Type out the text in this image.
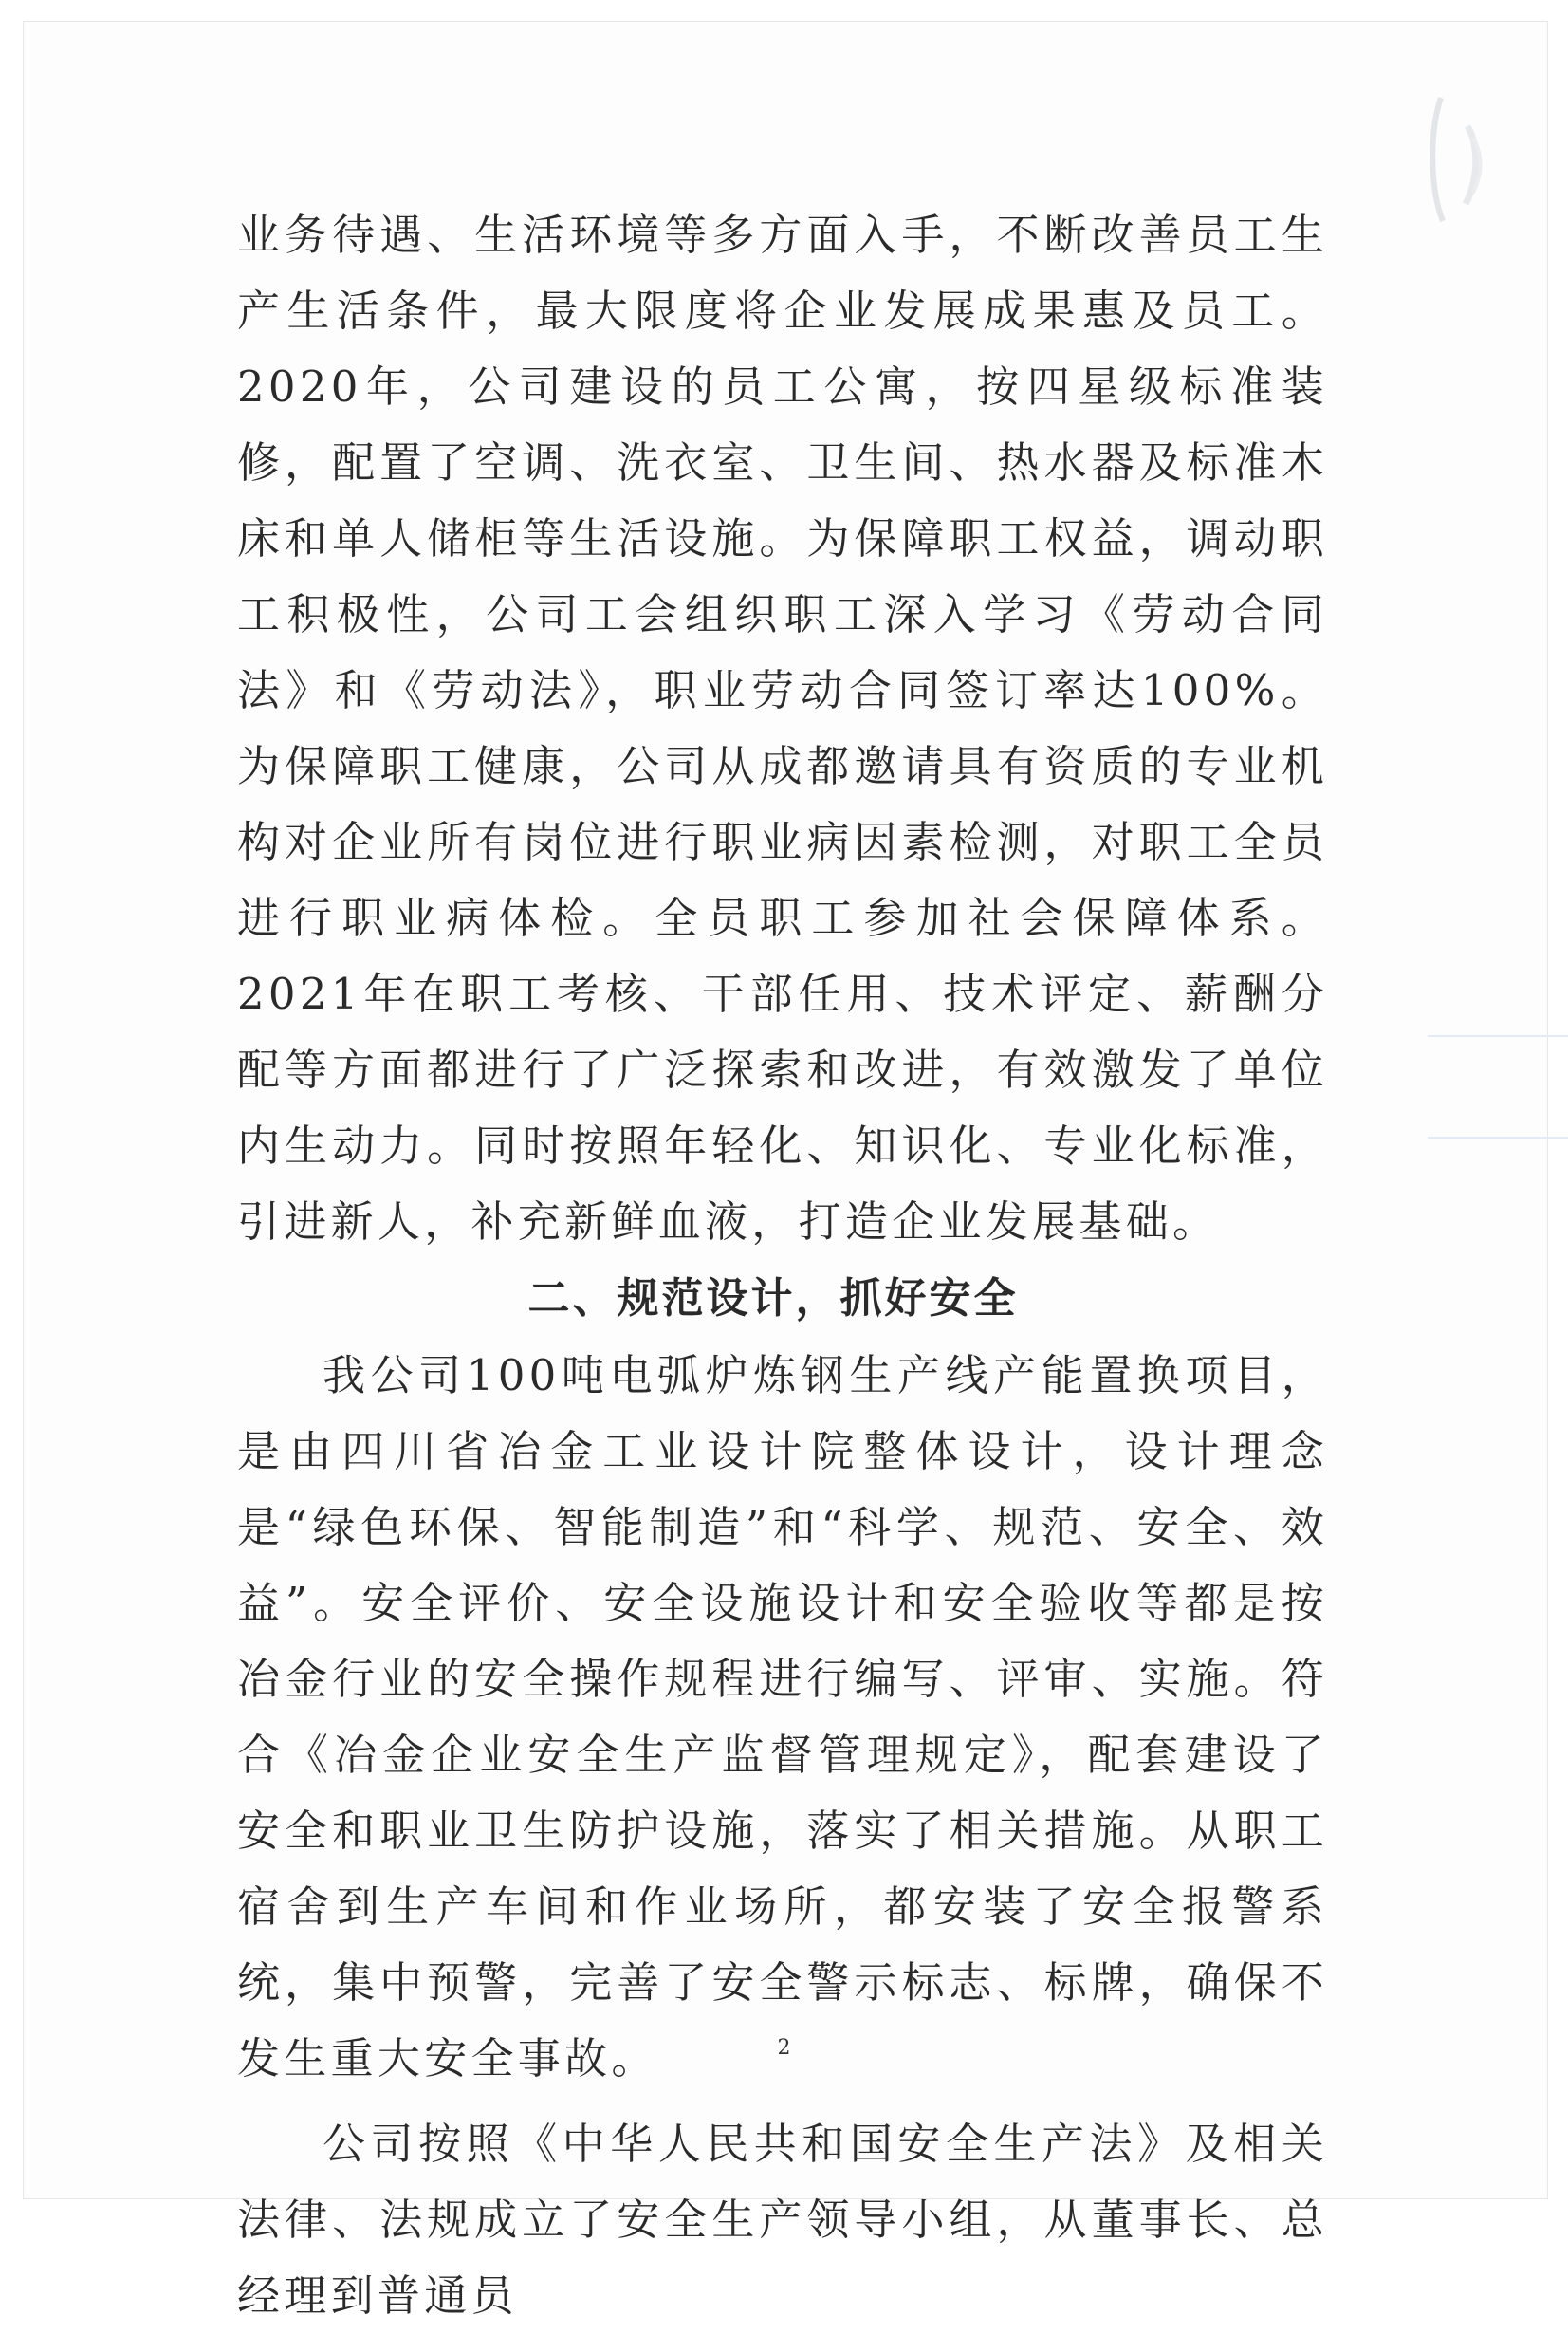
业务待遇、生活环境等多方面入手，不断改善员工生产生活条件，最大限度将企业发展成果惠及员工。2020年，公司建设的员工公寓，按四星级标准装修，配置了空调、洗衣室、卫生间、热水器及标准木床和单人储柜等生活设施。为保障职工权益，调动职工积极性，公司工会组织职工深入学习《劳动合同法》和《劳动法》，职业劳动合同签订率达100%。为保障职工健康，公司从成都邀请具有资质的专业机构对企业所有岗位进行职业病因素检测，对职工全员进行职业病体检。全员职工参加社会保障体系。2021年在职工考核、干部任用、技术评定、薪酬分配等方面都进行了广泛探索和改进，有效激发了单位内生动力。同时按照年轻化、知识化、专业化标准，引进新人，补充新鲜血液，打造企业发展基础。

二、规范设计，抓好安全

我公司100吨电弧炉炼钢生产线产能置换项目，是由四川省冶金工业设计院整体设计，设计理念是“绿色环保、智能制造”和“科学、规范、安全、效益”。安全评价、安全设施设计和安全验收等都是按冶金行业的安全操作规程进行编写、评审、实施。符合《冶金企业安全生产监督管理规定》，配套建设了安全和职业卫生防护设施，落实了相关措施。从职工宿舍到生产车间和作业场所，都安装了安全报警系统，集中预警，完善了安全警示标志、标牌，确保不发生重大安全事故。

公司按照《中华人民共和国安全生产法》及相关法律、法规成立了安全生产领导小组，从董事长、总经理到普通员

2
